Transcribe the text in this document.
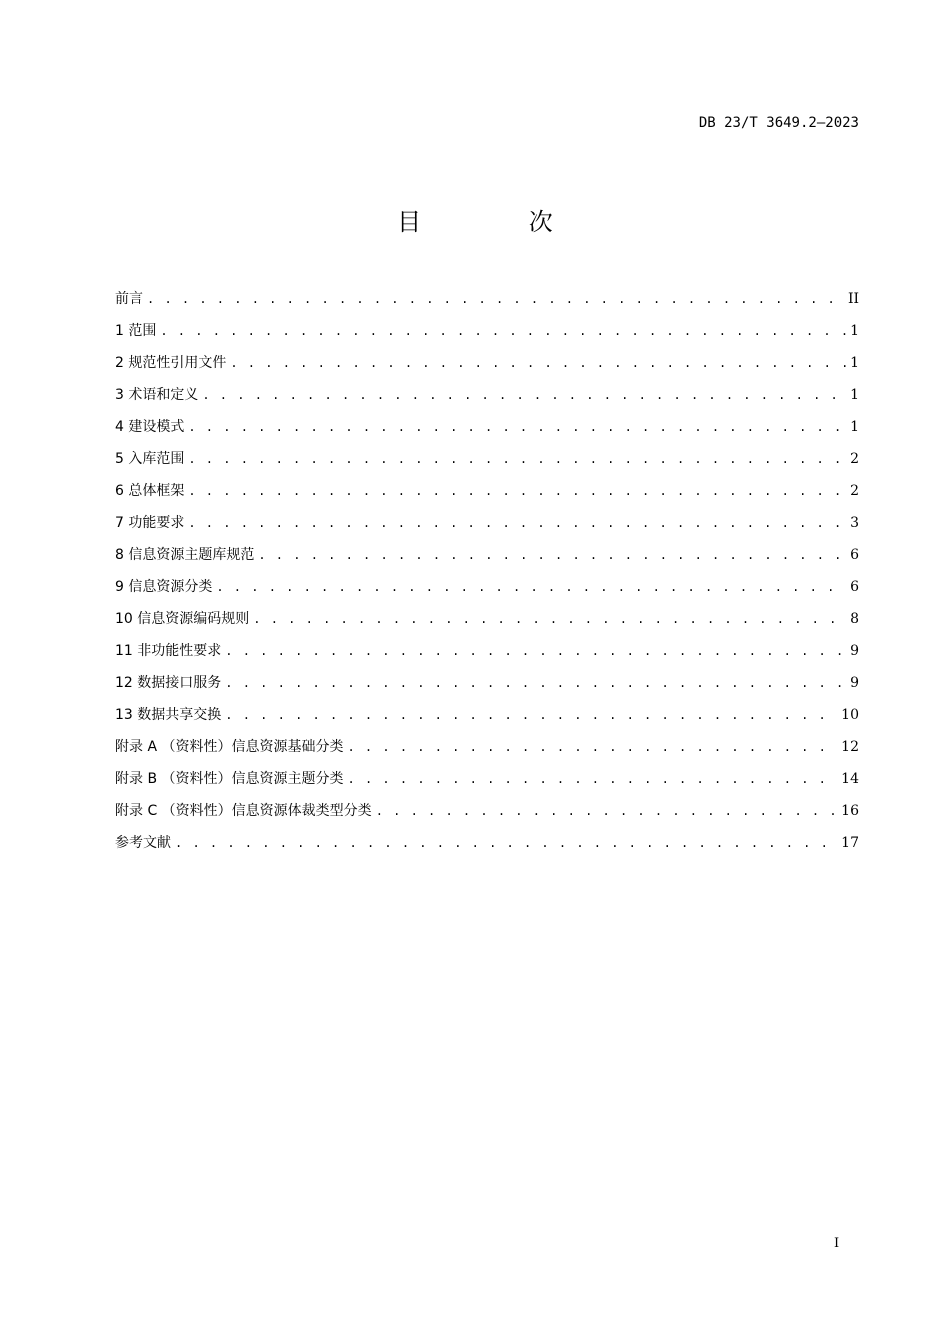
DB 23/T 3649.2—2023
目 次
前言 . . .	II
1 范围 . . .	1
2 规范性引用文件 . . .	1
3 术语和定义 . . .	1
4 建设模式 . . .	1
5 入库范围 . . .	2
6 总体框架 . . .	2
7 功能要求 . . .	3
8 信息资源主题库规范 . . .	6
9 信息资源分类 . . .	6
10 信息资源编码规则 . . .	8
11 非功能性要求 . . .	9
12 数据接口服务 . . .	9
13 数据共享交换 . . .	10
附录 A （资料性）信息资源基础分类 . . .	12
附录 B （资料性）信息资源主题分类 . . .	14
附录 C （资料性）信息资源体裁类型分类 . . .	16
参考文献 . . .	17
I
